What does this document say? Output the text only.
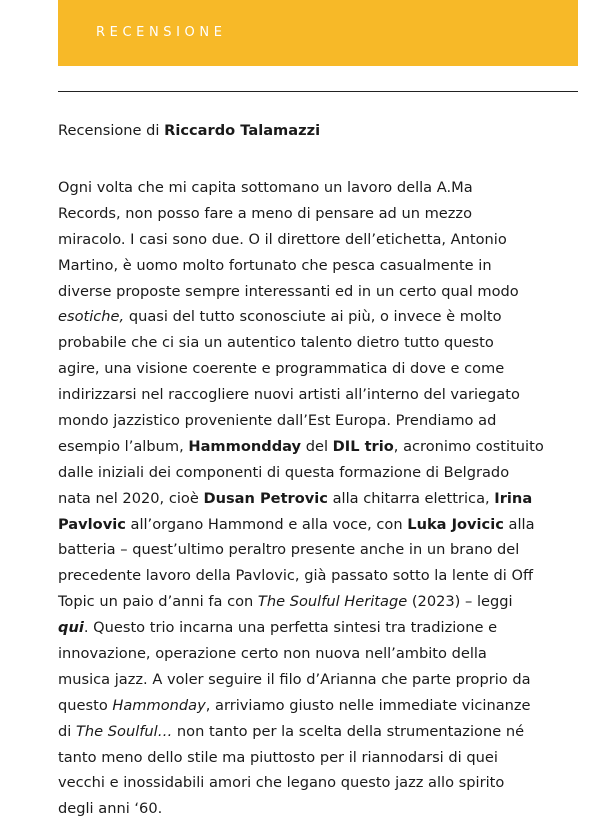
RECENSIONE
Recensione di Riccardo Talamazzi
Ogni volta che mi capita sottomano un lavoro della A.Ma
Records, non posso fare a meno di pensare ad un mezzo
miracolo. I casi sono due. O il direttore dell’etichetta, Antonio
Martino, è uomo molto fortunato che pesca casualmente in
diverse proposte sempre interessanti ed in un certo qual modo
esotiche, quasi del tutto sconosciute ai più, o invece è molto
probabile che ci sia un autentico talento dietro tutto questo
agire, una visione coerente e programmatica di dove e come
indirizzarsi nel raccogliere nuovi artisti all’interno del variegato
mondo jazzistico proveniente dall’Est Europa. Prendiamo ad
esempio l’album, Hammondday del DIL trio, acronimo costituito
dalle iniziali dei componenti di questa formazione di Belgrado
nata nel 2020, cioè Dusan Petrovic alla chitarra elettrica, Irina
Pavlovic all’organo Hammond e alla voce, con Luka Jovicic alla
batteria – quest’ultimo peraltro presente anche in un brano del
precedente lavoro della Pavlovic, già passato sotto la lente di Off
Topic un paio d’anni fa con The Soulful Heritage (2023) – leggi
qui. Questo trio incarna una perfetta sintesi tra tradizione e
innovazione, operazione certo non nuova nell’ambito della
musica jazz. A voler seguire il filo d’Arianna che parte proprio da
questo Hammonday, arriviamo giusto nelle immediate vicinanze
di The Soulful… non tanto per la scelta della strumentazione né
tanto meno dello stile ma piuttosto per il riannodarsi di quei
vecchi e inossidabili amori che legano questo jazz allo spirito
degli anni ‘60.
